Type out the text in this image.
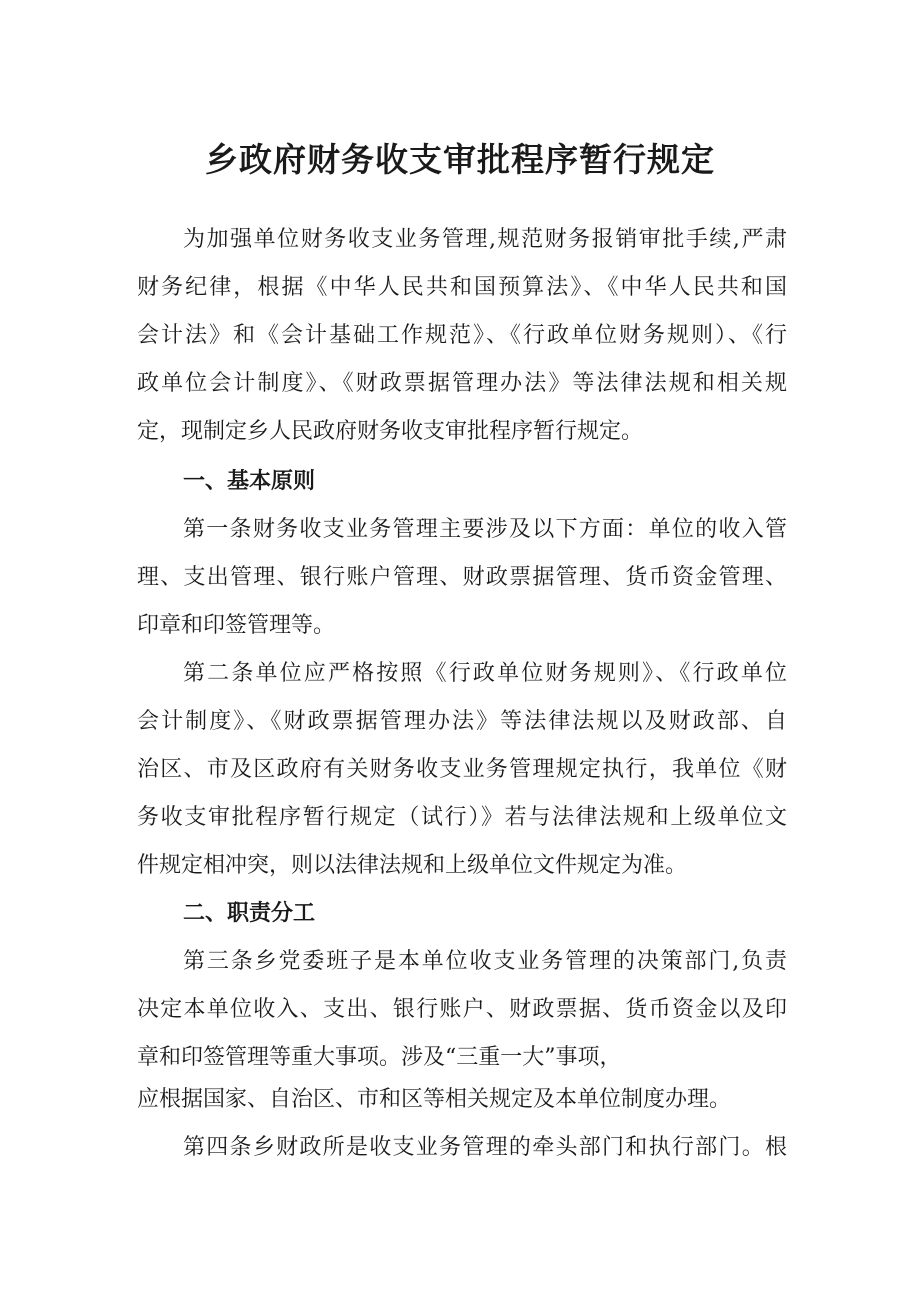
乡政府财务收支审批程序暂行规定
为加强单位财务收支业务管理,规范财务报销审批手续,严肃
财务纪律，根据《中华人民共和国预算法》、《中华人民共和国
会计法》和《会计基础工作规范》、《行政单位财务规则）、《行
政单位会计制度》、《财政票据管理办法》等法律法规和相关规
定，现制定乡人民政府财务收支审批程序暂行规定。
一、基本原则
第一条财务收支业务管理主要涉及以下方面：单位的收入管
理、支出管理、银行账户管理、财政票据管理、货币资金管理、
印章和印签管理等。
第二条单位应严格按照《行政单位财务规则》、《行政单位
会计制度》、《财政票据管理办法》等法律法规以及财政部、自
治区、市及区政府有关财务收支业务管理规定执行，我单位《财
务收支审批程序暂行规定（试行）》若与法律法规和上级单位文
件规定相冲突，则以法律法规和上级单位文件规定为准。
二、职责分工
第三条乡党委班子是本单位收支业务管理的决策部门,负责
决定本单位收入、支出、银行账户、财政票据、货币资金以及印
章和印签管理等重大事项。涉及“三重一大”事项，
应根据国家、自治区、市和区等相关规定及本单位制度办理。
第四条乡财政所是收支业务管理的牵头部门和执行部门。根
